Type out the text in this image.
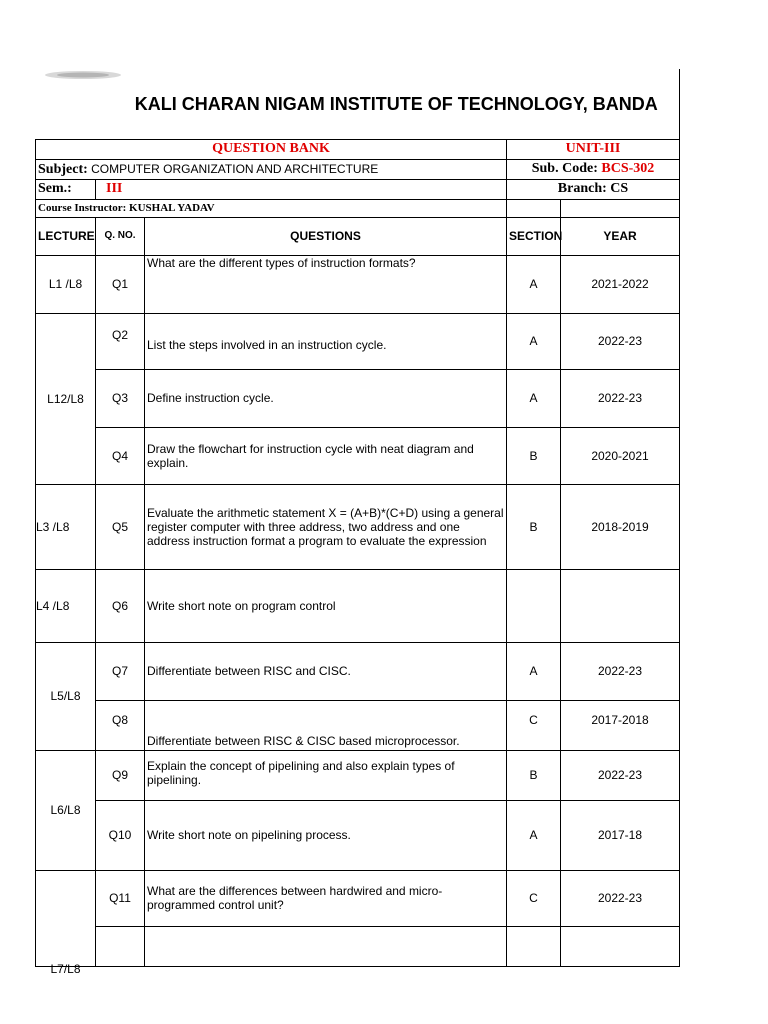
KALI CHARAN NIGAM INSTITUTE OF TECHNOLOGY, BANDA				
QUESTION BANK			UNIT-III	
Subject: COMPUTER ORGANIZATION AND ARCHITECTURE			Sub. Code: BCS-302	
Sem.:	III		Branch: CS	
Course Instructor: KUSHAL YADAV				
LECTURE	Q. NO.	QUESTIONS	SECTION	YEAR
L1 /L8	Q1	What are the different types of instruction formats?	A	2021-2022
L12/L8	Q2	List the steps involved in an instruction cycle.	A	2022-23
	Q3	Define instruction cycle.	A	2022-23
	Q4	Draw the flowchart for instruction cycle with neat diagram and explain.	B	2020-2021
L3 /L8	Q5	Evaluate the arithmetic statement X = (A+B)*(C+D) using a general register computer with three address, two address and one address instruction format a program to evaluate the expression	B	2018-2019
L4 /L8	Q6	Write short note on program control		
L5/L8	Q7	Differentiate between RISC and CISC.	A	2022-23
	Q8	Differentiate between RISC & CISC based microprocessor.	C	2017-2018
L6/L8	Q9	Explain the concept of pipelining and also explain types of pipelining.	B	2022-23
	Q10	Write short note on pipelining process.	A	2017-18
L7/L8	Q11	What are the differences between hardwired and micro-programmed control unit?	C	2022-23
